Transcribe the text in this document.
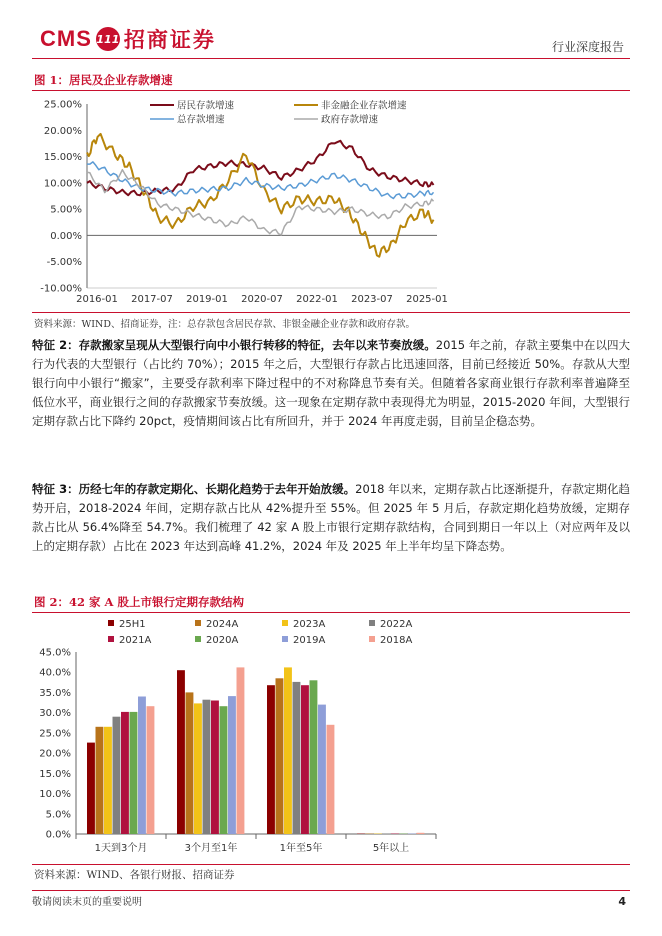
CMS 111 招商证券	行业深度报告
图 1：居民及企业存款增速
25.00%
20.00%
15.00%
10.00%
5.00%
0.00%
-5.00%
-10.00%
2016-01 2017-07 2019-01 2020-07 2022-01 2023-07 2025-01
居民存款增速	非金融企业存款增速
总存款增速	政府存款增速
资料来源：WIND、招商证券，注：总存款包含居民存款、非银金融企业存款和政府存款。
特征 2：存款搬家呈现从大型银行向中小银行转移的特征，去年以来节奏放缓。2015 年之前，存款主要集中在以四大行为代表的大型银行（占比约 70%）；2015 年之后，大型银行存款占比迅速回落，目前已经接近 50%。存款从大型银行向中小银行“搬家”，主要受存款利率下降过程中的不对称降息节奏有关。但随着各家商业银行存款利率普遍降至低位水平，商业银行之间的存款搬家节奏放缓。这一现象在定期存款中表现得尤为明显，2015-2020 年间，大型银行定期存款占比下降约 20pct，疫情期间该占比有所回升，并于 2024 年再度走弱，目前呈企稳态势。
特征 3：历经七年的存款定期化、长期化趋势于去年开始放缓。2018 年以来，定期存款占比逐渐提升，存款定期化趋势开启，2018-2024 年间，定期存款占比从 42%提升至 55%。但 2025 年 5 月后，存款定期化趋势放缓，定期存款占比从 56.4%降至 54.7%。我们梳理了 42 家 A 股上市银行定期存款结构，合同到期日一年以上（对应两年及以上的定期存款）占比在 2023 年达到高峰 41.2%，2024 年及 2025 年上半年均呈下降态势。
图 2：42 家 A 股上市银行定期存款结构
45.0%
40.0%
35.0%
30.0%
25.0%
20.0%
15.0%
10.0%
5.0%
0.0%
1天到3个月	3个月至1年	1年至5年	5年以上
25H1	2024A	2023A	2022A
2021A	2020A	2019A	2018A
资料来源：WIND、各银行财报、招商证券
敬请阅读末页的重要说明	4
